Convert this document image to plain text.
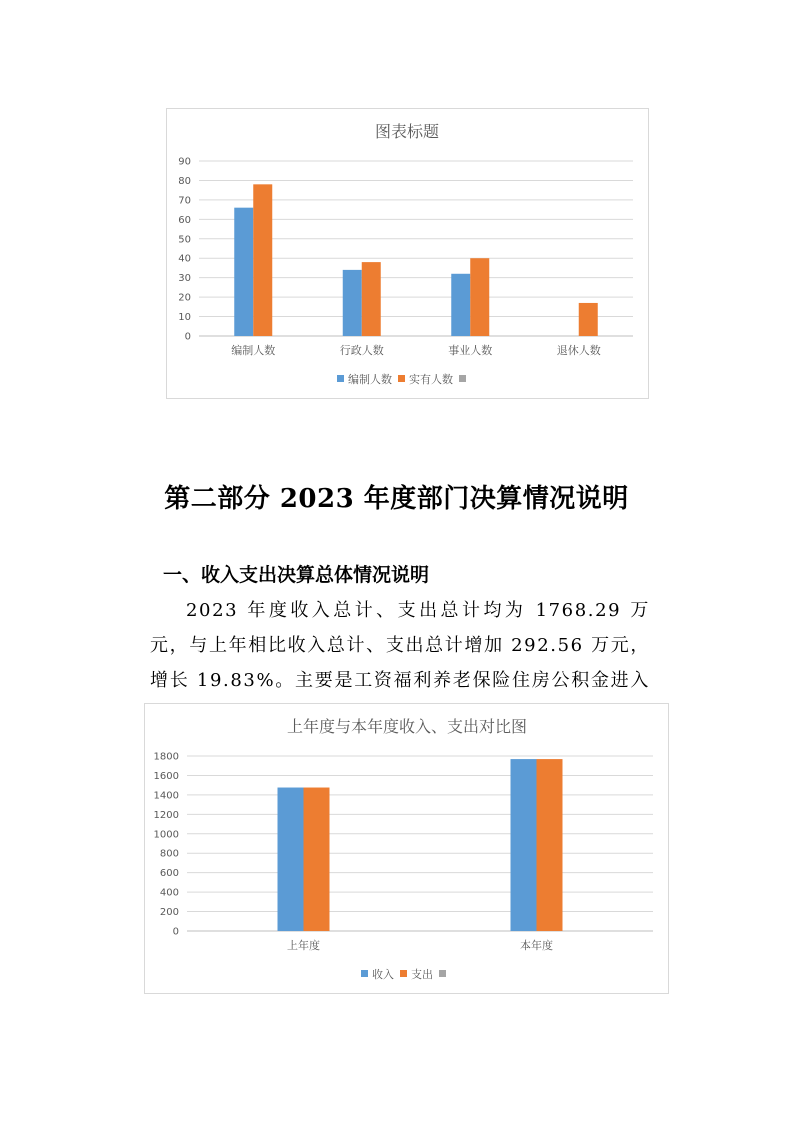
图表标题
0
10
20
30
40
50
60
70
80
90
编制人数	行政人数	事业人数	退休人数
编制人数 实有人数
第二部分 2023 年度部门决算情况说明
一、收入支出决算总体情况说明

2023 年度收入总计、支出总计均为 1768.29 万元，与上年相比收入总计、支出总计增加 292.56 万元，增长 19.83%。主要是工资福利养老保险住房公积金进入

上年度与本年度收入、支出对比图
0
200
400
600
800
1000
1200
1400
1600
1800
上年度	本年度
收入 支出
